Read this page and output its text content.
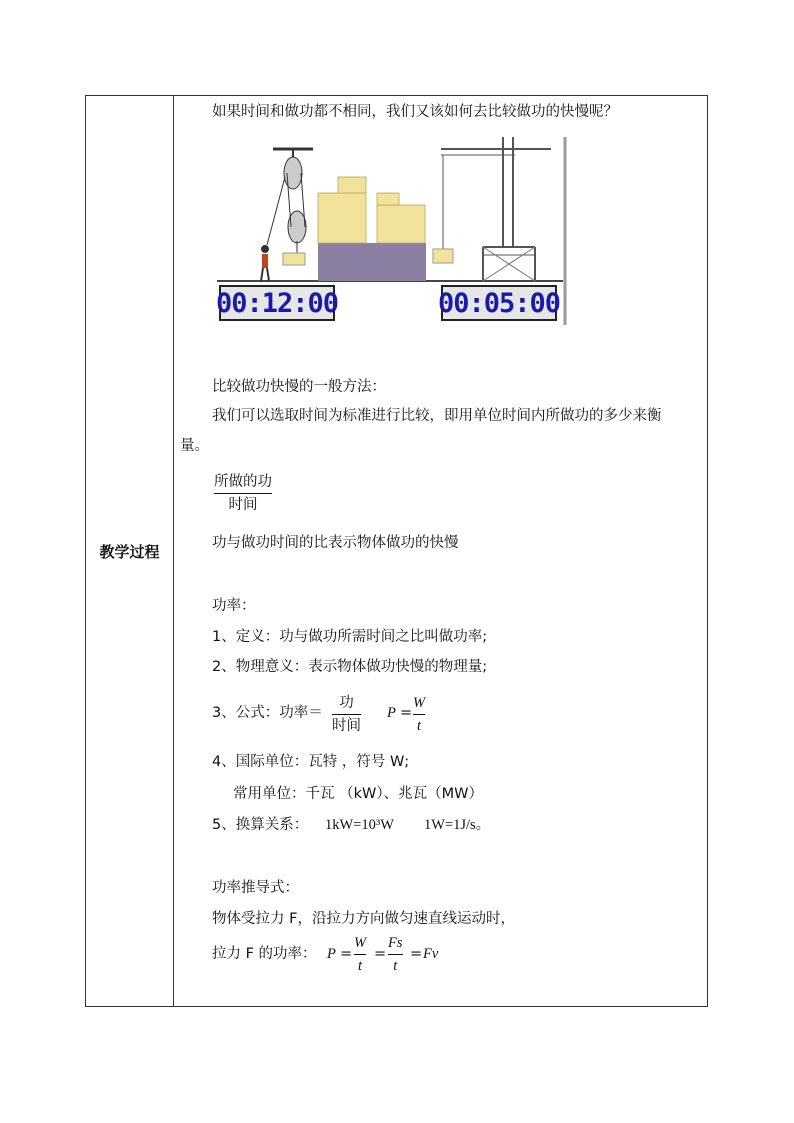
教学过程
如果时间和做功都不相同，我们又该如何去比较做功的快慢呢？
00:12:00	00:05:00
比较做功快慢的一般方法：
我们可以选取时间为标准进行比较，即用单位时间内所做功的多少来衡
量。
所做的功
时间
功与做功时间的比表示物体做功的快慢
功率：
1、定义：功与做功所需时间之比叫做功率;
2、物理意义：表示物体做功快慢的物理量;
3、公式：功率＝
功
时间
P =
W
t
4、国际单位：瓦特 ，符号 W;
常用单位：千瓦 （kW）、兆瓦（MW）
5、换算关系： 1kW=10³W 1W=1J/s。
功率推导式：
物体受拉力 F，沿拉力方向做匀速直线运动时，
拉力 F 的功率： P =
W
t
=
Fs
t
= Fv
